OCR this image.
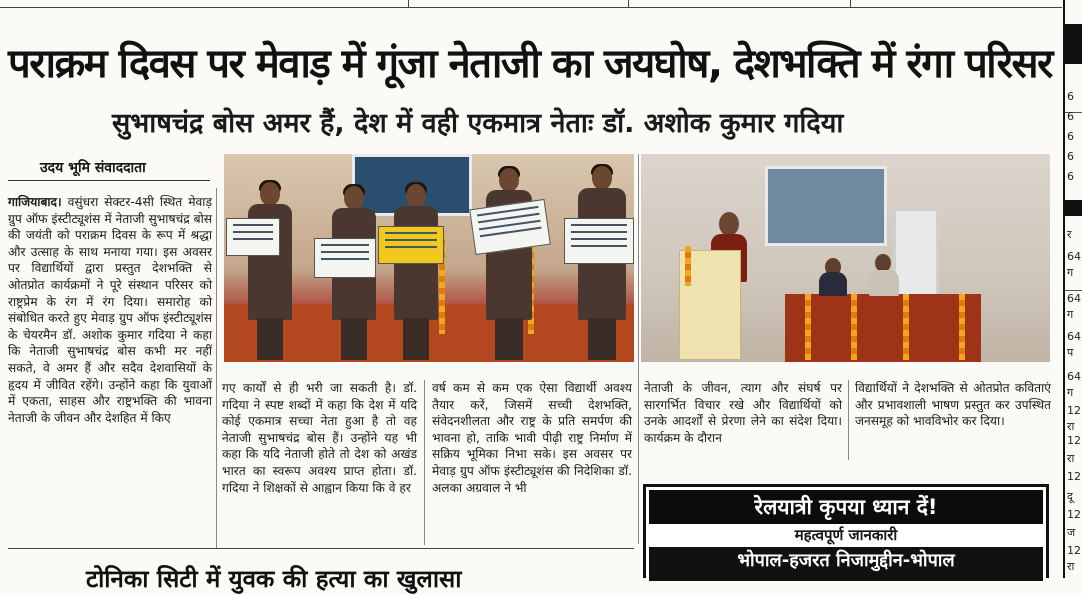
पराक्रम दिवस पर मेवाड़ में गूंजा नेताजी का जयघोष, देशभक्ति में रंगा परिसर
सुभाषचंद्र बोस अमर हैं, देश में वही एकमात्र नेताः डॉ. अशोक कुमार गदिया
उदय भूमि संवाददाता
गाजियाबाद। वसुंधरा सेक्टर-4सी स्थित मेवाड़ ग्रुप ऑफ इंस्टीट्यूशंस में नेताजी सुभाषचंद्र बोस की जयंती को पराक्रम दिवस के रूप में श्रद्धा और उत्साह के साथ मनाया गया। इस अवसर पर विद्यार्थियों द्वारा प्रस्तुत देशभक्ति से ओतप्रोत कार्यक्रमों ने पूरे संस्थान परिसर को राष्ट्रप्रेम के रंग में रंग दिया। समारोह को संबोधित करते हुए मेवाड़ ग्रुप ऑफ इंस्टीट्यूशंस के चेयरमैन डॉ. अशोक कुमार गदिया ने कहा कि नेताजी सुभाषचंद्र बोस कभी मर नहीं सकते, वे अमर हैं और सदैव देशवासियों के हृदय में जीवित रहेंगे। उन्होंने कहा कि युवाओं में एकता, साहस और राष्ट्रभक्ति की भावना नेताजी के जीवन और देशहित में किए
गए कार्यों से ही भरी जा सकती है। डॉ. गदिया ने स्पष्ट शब्दों में कहा कि देश में यदि कोई एकमात्र सच्चा नेता हुआ है तो वह नेताजी सुभाषचंद्र बोस हैं। उन्होंने यह भी कहा कि यदि नेताजी होते तो देश को अखंड भारत का स्वरूप अवश्य प्राप्त होता। डॉ. गदिया ने शिक्षकों से आह्वान किया कि वे हर
वर्ष कम से कम एक ऐसा विद्यार्थी अवश्य तैयार करें, जिसमें सच्ची देशभक्ति, संवेदनशीलता और राष्ट्र के प्रति समर्पण की भावना हो, ताकि भावी पीढ़ी राष्ट्र निर्माण में सक्रिय भूमिका निभा सके। इस अवसर पर मेवाड़ ग्रुप ऑफ इंस्टीट्यूशंस की निदेशिका डॉ. अलका अग्रवाल ने भी
नेताजी के जीवन, त्याग और संघर्ष पर सारगर्भित विचार रखे और विद्यार्थियों को उनके आदर्शों से प्रेरणा लेने का संदेश दिया। कार्यक्रम के दौरान
विद्यार्थियों ने देशभक्ति से ओतप्रोत कविताएं और प्रभावशाली भाषण प्रस्तुत कर उपस्थित जनसमूह को भावविभोर कर दिया।
रेलयात्री कृपया ध्यान दें!
महत्वपूर्ण जानकारी
भोपाल-हजरत निजामुद्दीन-भोपाल
टोनिका सिटी में युवक की हत्या का खुलासा
6
6
6
6
6
र
64
ग
64
ग
64
प
64
ग
12
रा
12
रा
12
दू
12
ज
12
रा
